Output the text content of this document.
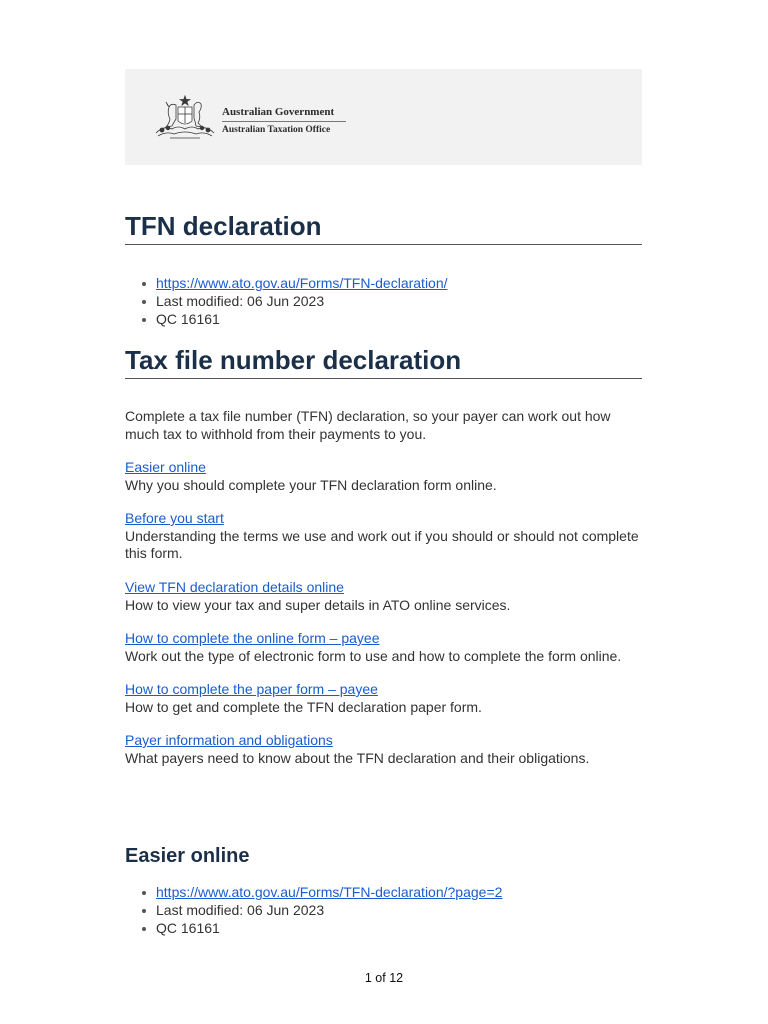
Australian Government
Australian Taxation Office
TFN declaration
https://www.ato.gov.au/Forms/TFN-declaration/
Last modified: 06 Jun 2023
QC 16161
Tax file number declaration

Complete a tax file number (TFN) declaration, so your payer can work out how much tax to withhold from their payments to you.

Easier online
Why you should complete your TFN declaration form online.
Before you start
Understanding the terms we use and work out if you should or should not complete this form.
View TFN declaration details online
How to view your tax and super details in ATO online services.
How to complete the online form – payee
Work out the type of electronic form to use and how to complete the form online.
How to complete the paper form – payee
How to get and complete the TFN declaration paper form.
Payer information and obligations
What payers need to know about the TFN declaration and their obligations.
Easier online
https://www.ato.gov.au/Forms/TFN-declaration/?page=2
Last modified: 06 Jun 2023
QC 16161
1 of 12
